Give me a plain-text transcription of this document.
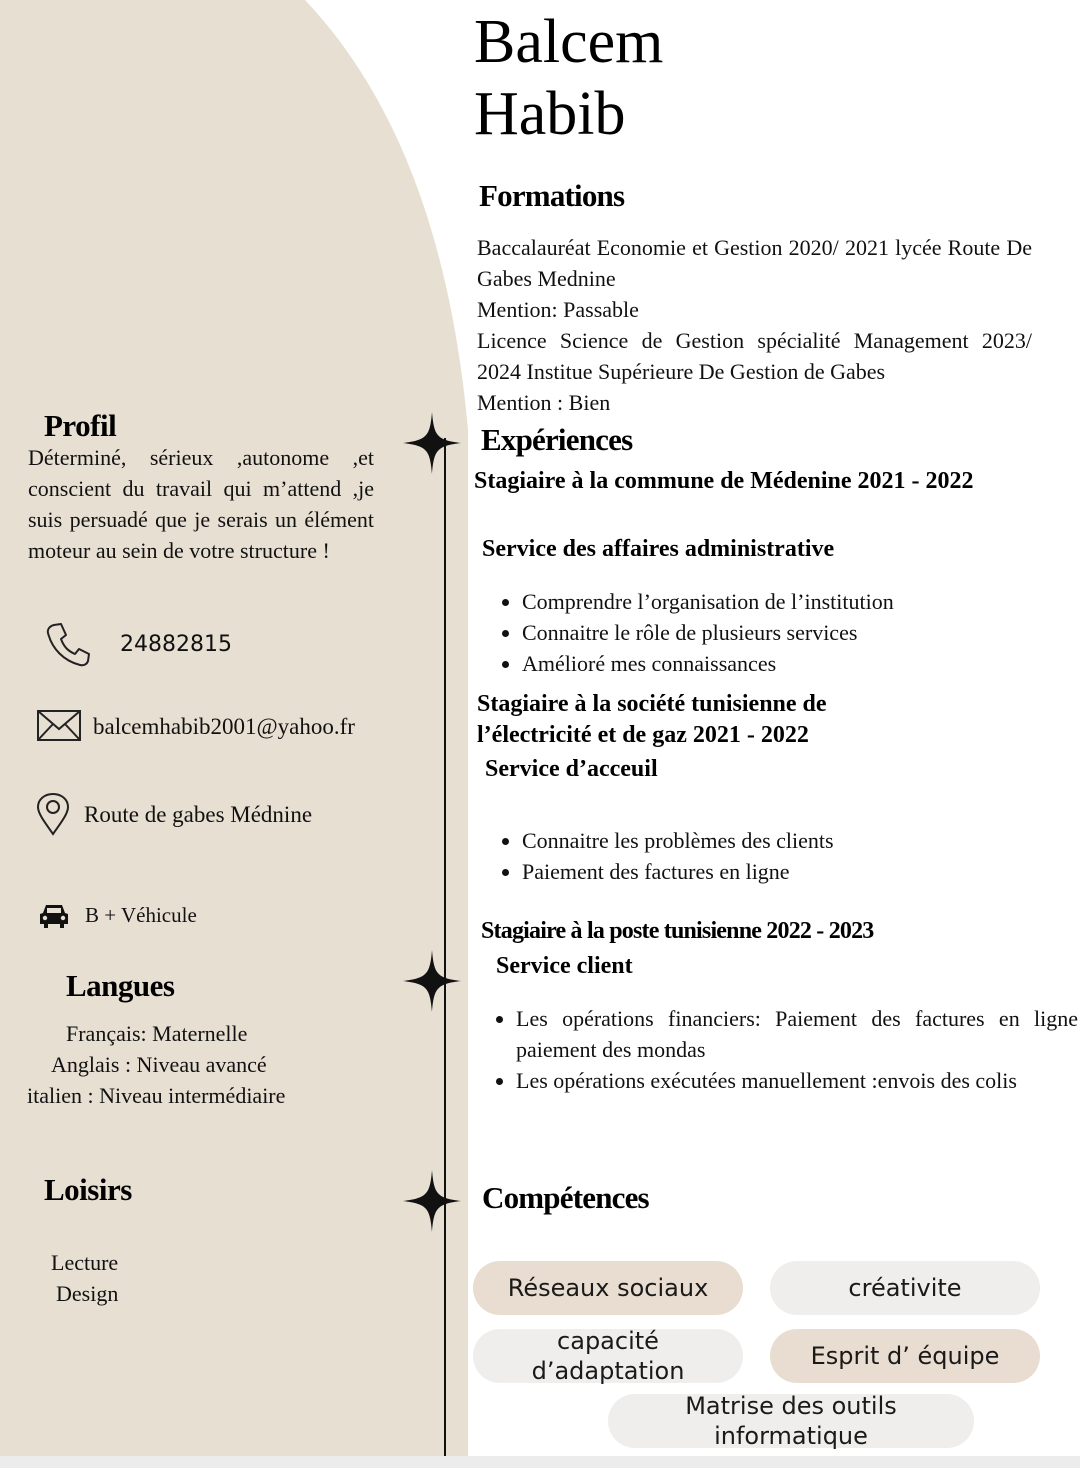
Balcem
Habib
Formations

Baccalauréat Economie et Gestion 2020/ 2021 lycée Route De Gabes Mednine

Mention: Passable

Licence Science de Gestion spécialité Management 2023/ 2024 Institue Supérieure De Gestion de Gabes

Mention : Bien

Profil

Déterminé, sérieux ,autonome ,et conscient du travail qui m’attend ,je suis persuadé que je serais un élément moteur au sein de votre structure !

24882815
balcemhabib2001@yahoo.fr
Route de gabes Médnine
B + Véhicule
Langues
Français: Maternelle
Anglais : Niveau avancé
italien : Niveau intermédiaire
Loisirs
Lecture
Design
Expériences
Stagiaire à la commune de Médenine 2021 - 2022
Service des affaires administrative
• Comprendre l’organisation de l’institution
• Connaitre le rôle de plusieurs services
• Amélioré mes connaissances
Stagiaire à la société tunisienne de
l’électricité et de gaz 2021 - 2022
Service d’acceuil
• Connaitre les problèmes des clients
• Paiement des factures en ligne
Stagiaire à la poste tunisienne 2022 - 2023
Service client
• Les opérations financiers: Paiement des factures en ligne paiement des mondas
• Les opérations exécutées manuellement :envois des colis
Compétences
Réseaux sociaux	créativite
capacité d’adaptation
Esprit d’ équipe
Matrise des outils informatique
